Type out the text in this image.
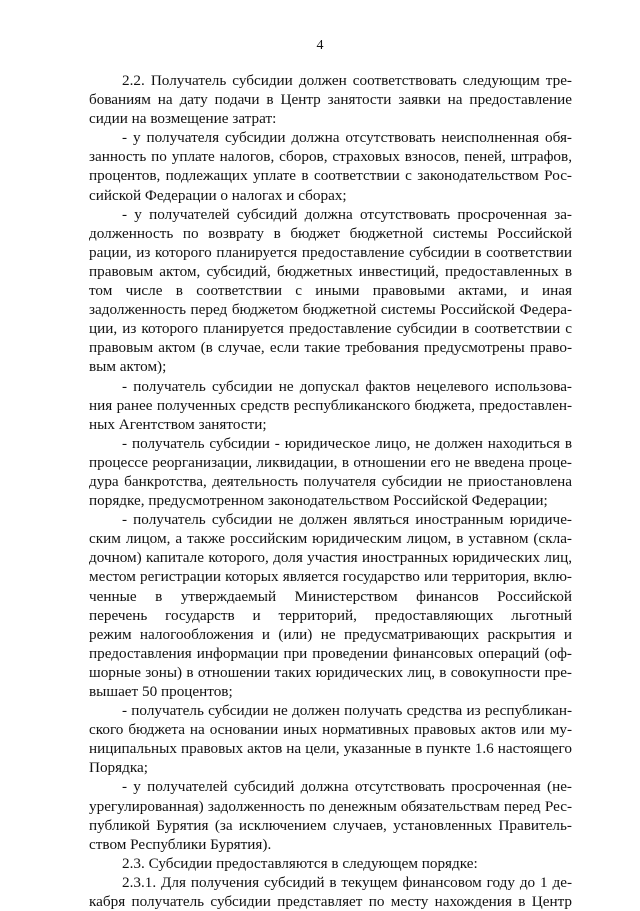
4
2.2. Получатель субсидии должен соответствовать следующим тре-
бованиям на дату подачи в Центр занятости заявки на предоставление
сидии на возмещение затрат:
- у получателя субсидии должна отсутствовать неисполненная обя-
занность по уплате налогов, сборов, страховых взносов, пеней, штрафов,
процентов, подлежащих уплате в соответствии с законодательством Рос-
сийской Федерации о налогах и сборах;
- у получателей субсидий должна отсутствовать просроченная за-
долженность по возврату в бюджет бюджетной системы Российской
рации, из которого планируется предоставление субсидии в соответствии
правовым актом, субсидий, бюджетных инвестиций, предоставленных в
том числе в соответствии с иными правовыми актами, и иная
задолженность перед бюджетом бюджетной системы Российской Федера-
ции, из которого планируется предоставление субсидии в соответствии с
правовым актом (в случае, если такие требования предусмотрены право-
вым актом);
- получатель субсидии не допускал фактов нецелевого использова-
ния ранее полученных средств республиканского бюджета, предоставлен-
ных Агентством занятости;
- получатель субсидии - юридическое лицо, не должен находиться в
процессе реорганизации, ликвидации, в отношении его не введена проце-
дура банкротства, деятельность получателя субсидии не приостановлена
порядке, предусмотренном законодательством Российской Федерации;
- получатель субсидии не должен являться иностранным юридиче-
ским лицом, а также российским юридическим лицом, в уставном (скла-
дочном) капитале которого, доля участия иностранных юридических лиц,
местом регистрации которых является государство или территория, вклю-
ченные в утверждаемый Министерством финансов Российской
перечень государств и территорий, предоставляющих льготный
режим налогообложения и (или) не предусматривающих раскрытия и
предоставления информации при проведении финансовых операций (оф-
шорные зоны) в отношении таких юридических лиц, в совокупности пре-
вышает 50 процентов;
- получатель субсидии не должен получать средства из республикан-
ского бюджета на основании иных нормативных правовых актов или му-
ниципальных правовых актов на цели, указанные в пункте 1.6 настоящего
Порядка;
- у получателей субсидий должна отсутствовать просроченная (не-
урегулированная) задолженность по денежным обязательствам перед Рес-
публикой Бурятия (за исключением случаев, установленных Правитель-
ством Республики Бурятия).
2.3. Субсидии предоставляются в следующем порядке:
2.3.1. Для получения субсидий в текущем финансовом году до 1 де-
кабря получатель субсидии представляет по месту нахождения в Центр
